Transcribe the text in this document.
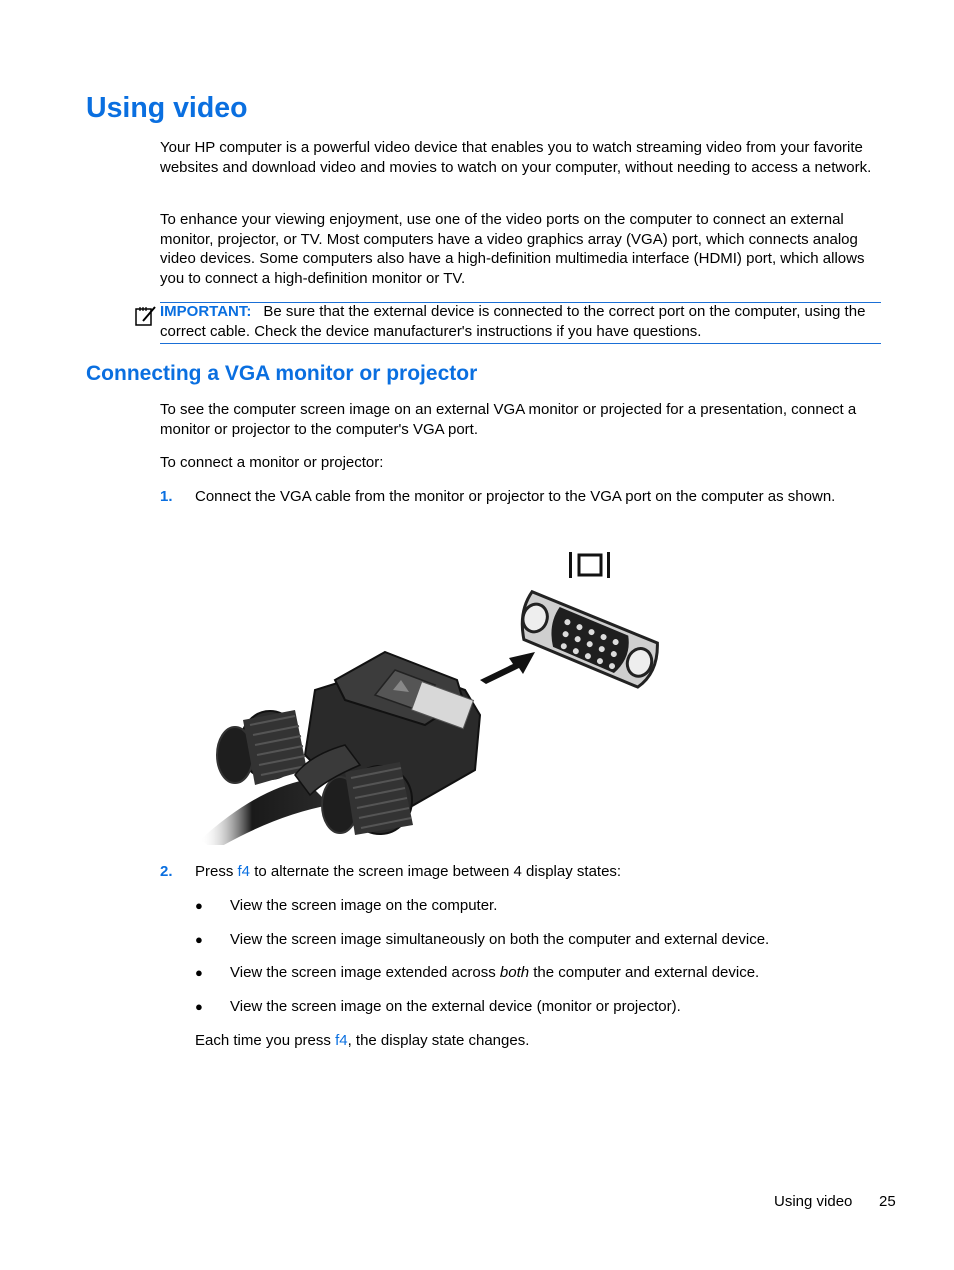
Using video

Your HP computer is a powerful video device that enables you to watch streaming video from your favorite websites and download video and movies to watch on your computer, without needing to access a network.

To enhance your viewing enjoyment, use one of the video ports on the computer to connect an external monitor, projector, or TV. Most computers have a video graphics array (VGA) port, which connects analog video devices. Some computers also have a high-definition multimedia interface (HDMI) port, which allows you to connect a high-definition monitor or TV.

IMPORTANT: Be sure that the external device is connected to the correct port on the computer, using the correct cable. Check the device manufacturer's instructions if you have questions.

Connecting a VGA monitor or projector

To see the computer screen image on an external VGA monitor or projected for a presentation, connect a monitor or projector to the computer's VGA port.

To connect a monitor or projector:

1. Connect the VGA cable from the monitor or projector to the VGA port on the computer as shown.

2. Press f4 to alternate the screen image between 4 display states:

● View the screen image on the computer.
● View the screen image simultaneously on both the computer and external device.
● View the screen image extended across both the computer and external device.
● View the screen image on the external device (monitor or projector).

Each time you press f4, the display state changes.

Using video 25
